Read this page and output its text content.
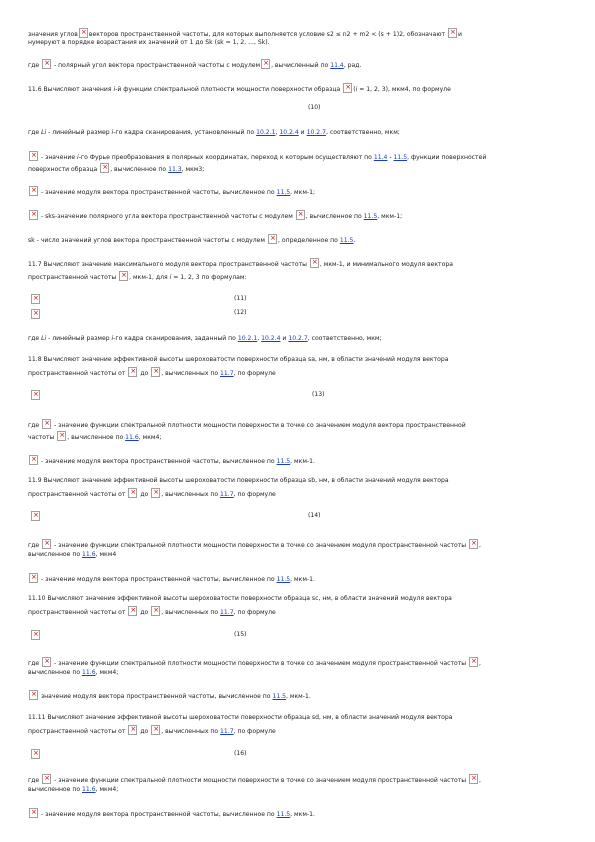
значения углов × векторов пространственной частоты, для которых выполняется условие s2 ≤ n2 + m2 < (s + 1)2, обозначают × и
нумеруют в порядке возрастания их значений от 1 до Sk (sk = 1, 2, ..., Sk).
где × - полярный угол вектора пространственной частоты с модулем × , вычисленный по 11.4, рад.
11.6 Вычисляют значения i-й функции спектральной плотности мощности поверхности образца × (i = 1, 2, 3), мкм4, по формуле
(10)
где Li - линейный размер i-го кадра сканирования, установленный по 10.2.1, 10.2.4 и 10.2.7, соответственно, мкм;
× - значение i-го Фурье преобразования в полярных координатах, переход к которым осуществляют по 11.4 - 11.5, функции поверхностей
поверхности образца × , вычисленное по 11.3, мкм3;
× - значение модуля вектора пространственной частоты, вычисленное по 11.5, мкм-1;
× - sks-значение полярного угла вектора пространственной частоты с модулем × , вычисленное по 11.5, мкм-1;
sk - число значений углов вектора пространственной частоты с модулем × , определенное по 11.5.
11.7 Вычисляют значение максимального модуля вектора пространственной частоты × , мкм-1, и минимального модуля вектора
пространственной частоты × , мкм-1, для i = 1, 2, 3 по формулам:
×
(11)
×
(12)
где Li - линейный размер i-го кадра сканирования, заданный по 10.2.1, 10.2.4 и 10.2.7, соответственно, мкм;
11.8 Вычисляют значение эффективной высоты шероховатости поверхности образца sa, нм, в области значений модуля вектора
пространственной частоты от × до × , вычисленных по 11.7, по формуле
×
(13)
где × - значение функции спектральной плотности мощности поверхности в точке со значением модуля вектора пространственной
частоты × , вычисленное по 11.6, мкм4;
× - значение модуля вектора пространственной частоты, вычисленное по 11.5, мкм-1.
11.9 Вычисляют значение эффективной высоты шероховатости поверхности образца sb, нм, в области значений модуля вектора
пространственной частоты от × до × , вычисленных по 11.7, по формуле
×
(14)
где × - значение функции спектральной плотности мощности поверхности в точке со значением модуля пространственной частоты × ,
вычисленное по 11.6, мкм4
× - значение модуля вектора пространственной частоты, вычисленное по 11.5, мкм-1.
11.10 Вычисляют значение эффективной высоты шероховатости поверхности образца sc, нм, в области значений модуля вектора
пространственной частоты от × до × , вычисленных по 11.7, по формуле
×
(15)
где × - значение функции спектральной плотности мощности поверхности в точке со значением модуля пространственной частоты × ,
вычисленное по 11.6, мкм4;
× значение модуля вектора пространственной частоты, вычисленное по 11.5, мкм-1.
11.11 Вычисляют значение эффективной высоты шероховатости поверхности образца sd, нм, в области значений модуля вектора
пространственной частоты от × до × , вычисленных по 11.7, по формуле
×
(16)
где × - значение функции спектральной плотности мощности поверхности в точке со значением модуля пространственной частоты × ,
вычисленное по 11.6, мкм4;
× - значение модуля вектора пространственной частоты, вычисленное по 11.5, мкм-1.
